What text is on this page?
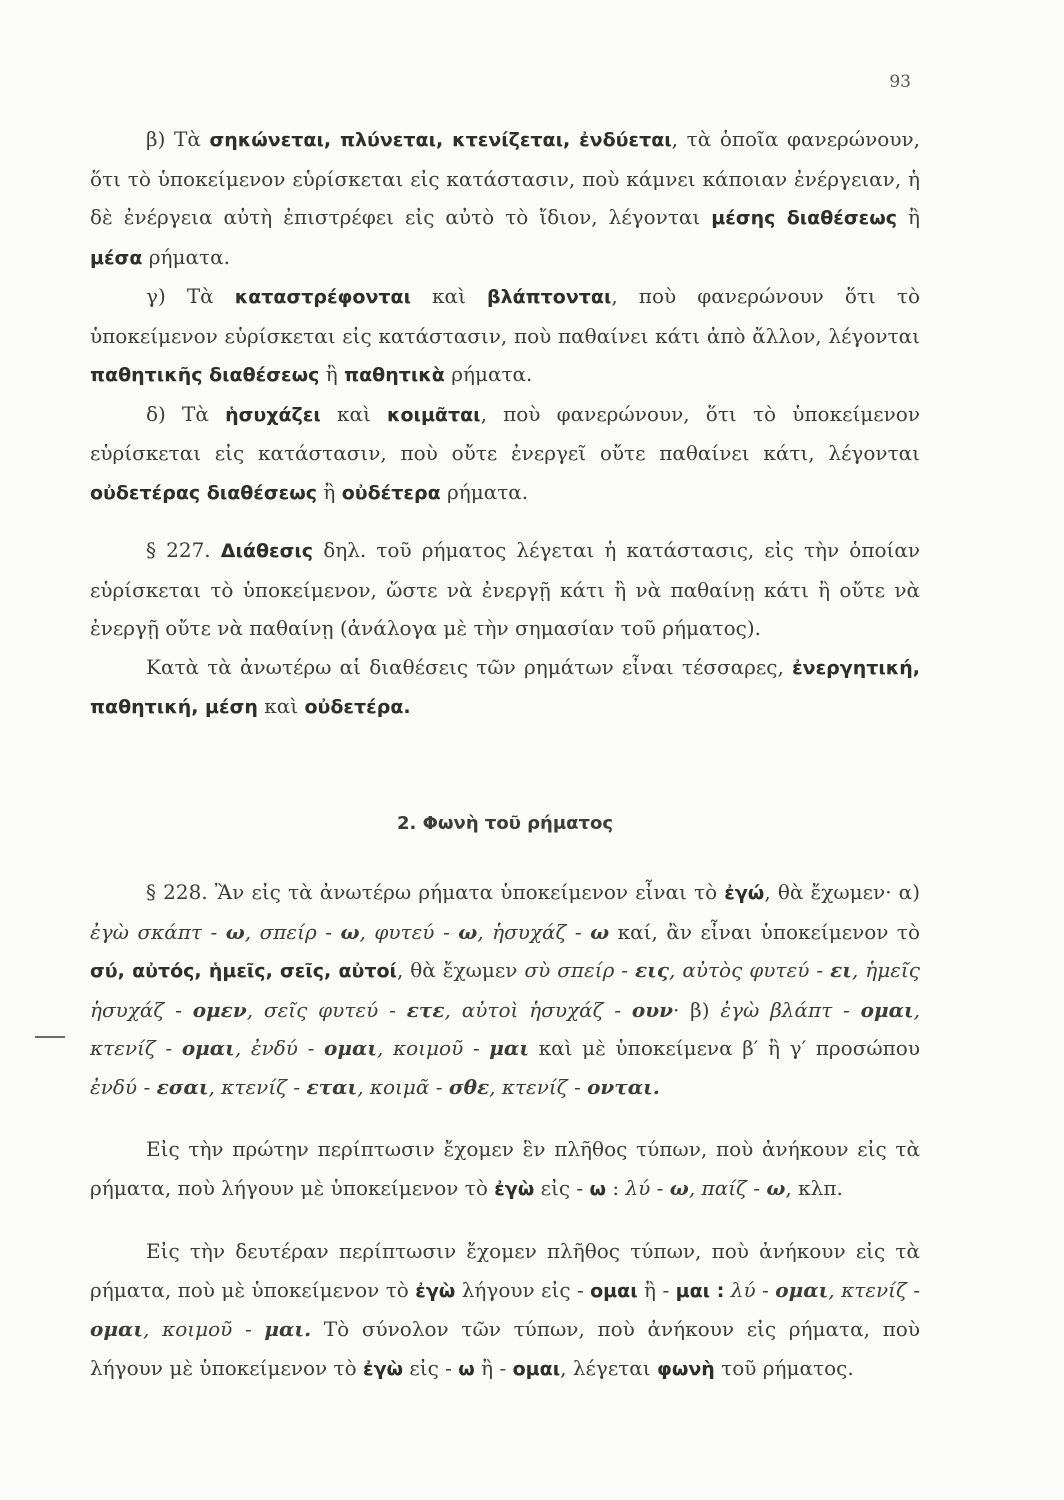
93

β) Τὰ σηκώνεται, πλύνεται, κτενίζεται, ἐνδύεται, τὰ ὁποῖα φανερώνουν, ὅτι τὸ ὑποκείμενον εὑρίσκεται εἰς κατάστασιν, ποὺ κάμνει κάποιαν ἐνέργειαν, ἡ δὲ ἐνέργεια αὐτὴ ἐπιστρέφει εἰς αὐτὸ τὸ ἴδιον, λέγονται μέσης διαθέσεως ἢ μέσα ρήματα.

γ) Τὰ καταστρέφονται καὶ βλάπτονται, ποὺ φανερώνουν ὅτι τὸ ὑποκείμενον εὑρίσκεται εἰς κατάστασιν, ποὺ παθαίνει κάτι ἀπὸ ἄλλον, λέγονται παθητικῆς διαθέσεως ἢ παθητικὰ ρήματα.

δ) Τὰ ἡσυχάζει καὶ κοιμᾶται, ποὺ φανερώνουν, ὅτι τὸ ὑποκείμενον εὑρίσκεται εἰς κατάστασιν, ποὺ οὔτε ἐνεργεῖ οὔτε παθαίνει κάτι, λέγονται οὐδετέρας διαθέσεως ἢ οὐδέτερα ρήματα.

§ 227. Διάθεσις δηλ. τοῦ ρήματος λέγεται ἡ κατάστασις, εἰς τὴν ὁποίαν εὑρίσκεται τὸ ὑποκείμενον, ὥστε νὰ ἐνεργῇ κάτι ἢ νὰ παθαίνῃ κάτι ἢ οὔτε νὰ ἐνεργῇ οὔτε νὰ παθαίνῃ (ἀνάλογα μὲ τὴν σημασίαν τοῦ ρήματος).

Κατὰ τὰ ἀνωτέρω αἱ διαθέσεις τῶν ρημάτων εἶναι τέσσαρες, ἐνεργητική, παθητική, μέση καὶ οὐδετέρα.

2. Φωνὴ τοῦ ρήματος

§ 228. Ἂν εἰς τὰ ἀνωτέρω ρήματα ὑποκείμενον εἶναι τὸ ἐγώ, θὰ ἔχωμεν· α) ἐγὼ σκάπτ - ω, σπείρ - ω, φυτεύ - ω, ἡσυχάζ - ω καί, ἂν εἶναι ὑποκείμενον τὸ σύ, αὐτός, ἡμεῖς, σεῖς, αὐτοί, θὰ ἔχωμεν σὺ σπείρ - εις, αὐτὸς φυτεύ - ει, ἡμεῖς ἡσυχάζ - ομεν, σεῖς φυτεύ - ετε, αὐτοὶ ἡσυχάζ - ουν· β) ἐγὼ βλάπτ - ομαι, κτενίζ - ομαι, ἐνδύ - ομαι, κοιμοῦ - μαι καὶ μὲ ὑποκείμενα β′ ἢ γ′ προσώπου ἐνδύ - εσαι, κτενίζ - εται, κοιμᾶ - σθε, κτενίζ - ονται.

Εἰς τὴν πρώτην περίπτωσιν ἔχομεν ἓν πλῆθος τύπων, ποὺ ἀνήκουν εἰς τὰ ρήματα, ποὺ λήγουν μὲ ὑποκείμενον τὸ ἐγὼ εἰς - ω : λύ - ω, παίζ - ω, κλπ.

Εἰς τὴν δευτέραν περίπτωσιν ἔχομεν πλῆθος τύπων, ποὺ ἀνήκουν εἰς τὰ ρήματα, ποὺ μὲ ὑποκείμενον τὸ ἐγὼ λήγουν εἰς - ομαι ἢ - μαι : λύ - ομαι, κτενίζ - ομαι, κοιμοῦ - μαι. Τὸ σύνολον τῶν τύπων, ποὺ ἀνήκουν εἰς ρήματα, ποὺ λήγουν μὲ ὑποκείμενον τὸ ἐγὼ εἰς - ω ἢ - ομαι, λέγεται φωνὴ τοῦ ρήματος.
